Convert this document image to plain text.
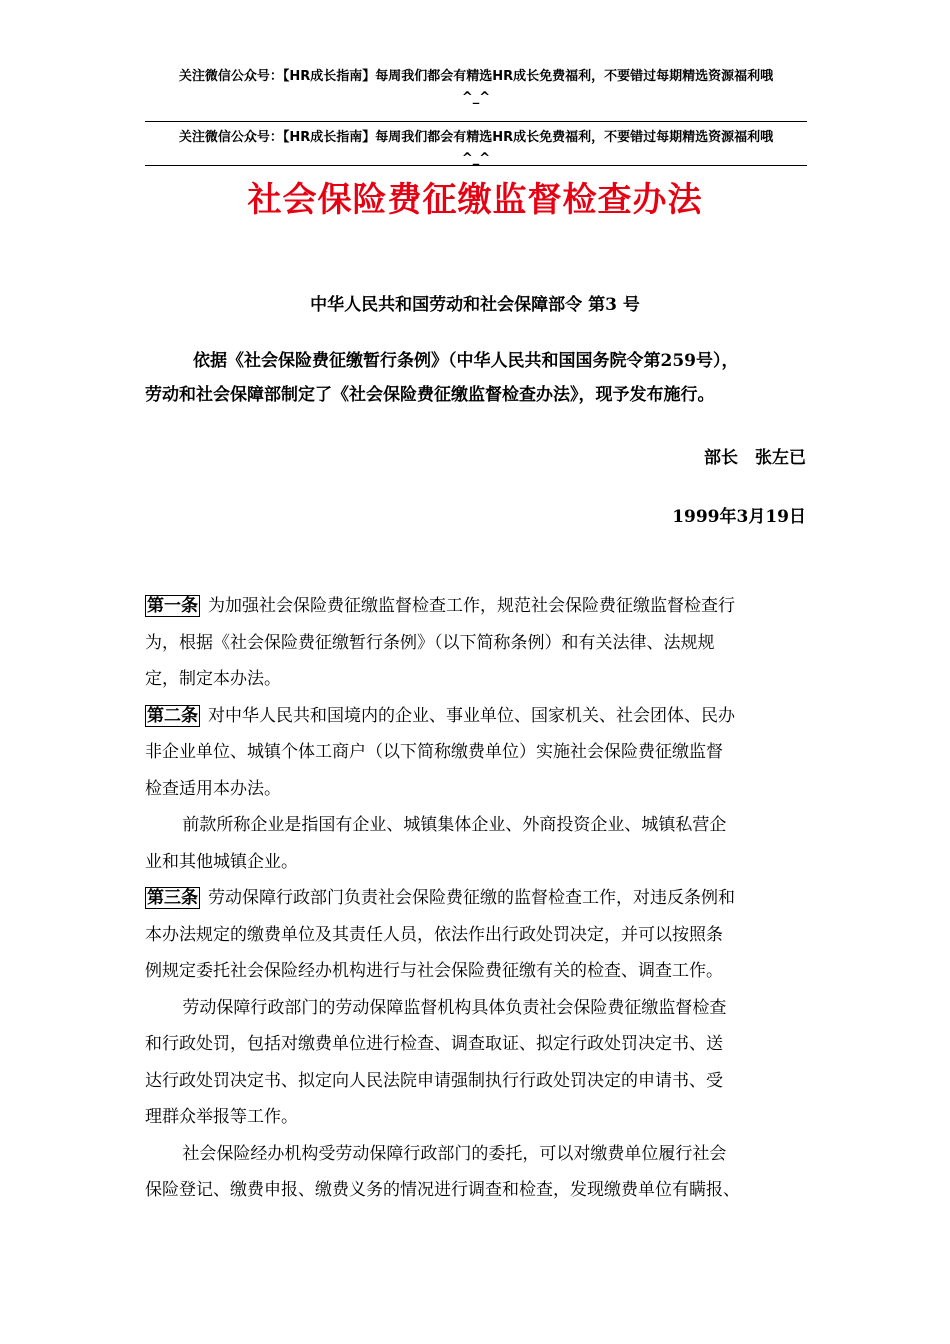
关注微信公众号：【HR成长指南】每周我们都会有精选HR成长免费福利，不要错过每期精选资源福利哦
^_^
关注微信公众号：【HR成长指南】每周我们都会有精选HR成长免费福利，不要错过每期精选资源福利哦
^_^
社会保险费征缴监督检查办法
中华人民共和国劳动和社会保障部令 第3 号
依据《社会保险费征缴暂行条例》（中华人民共和国国务院令第259号），
劳动和社会保障部制定了《社会保险费征缴监督检查办法》，现予发布施行。
部长　张左已
1999年3月19日
第一条 为加强社会保险费征缴监督检查工作，规范社会保险费征缴监督检查行
为，根据《社会保险费征缴暂行条例》（以下简称条例）和有关法律、法规规
定，制定本办法。
第二条 对中华人民共和国境内的企业、事业单位、国家机关、社会团体、民办
非企业单位、城镇个体工商户（以下简称缴费单位）实施社会保险费征缴监督
检查适用本办法。
前款所称企业是指国有企业、城镇集体企业、外商投资企业、城镇私营企
业和其他城镇企业。
第三条 劳动保障行政部门负责社会保险费征缴的监督检查工作，对违反条例和
本办法规定的缴费单位及其责任人员，依法作出行政处罚决定，并可以按照条
例规定委托社会保险经办机构进行与社会保险费征缴有关的检查、调查工作。
劳动保障行政部门的劳动保障监督机构具体负责社会保险费征缴监督检查
和行政处罚，包括对缴费单位进行检查、调查取证、拟定行政处罚决定书、送
达行政处罚决定书、拟定向人民法院申请强制执行行政处罚决定的申请书、受
理群众举报等工作。
社会保险经办机构受劳动保障行政部门的委托，可以对缴费单位履行社会
保险登记、缴费申报、缴费义务的情况进行调查和检查，发现缴费单位有瞒报、
